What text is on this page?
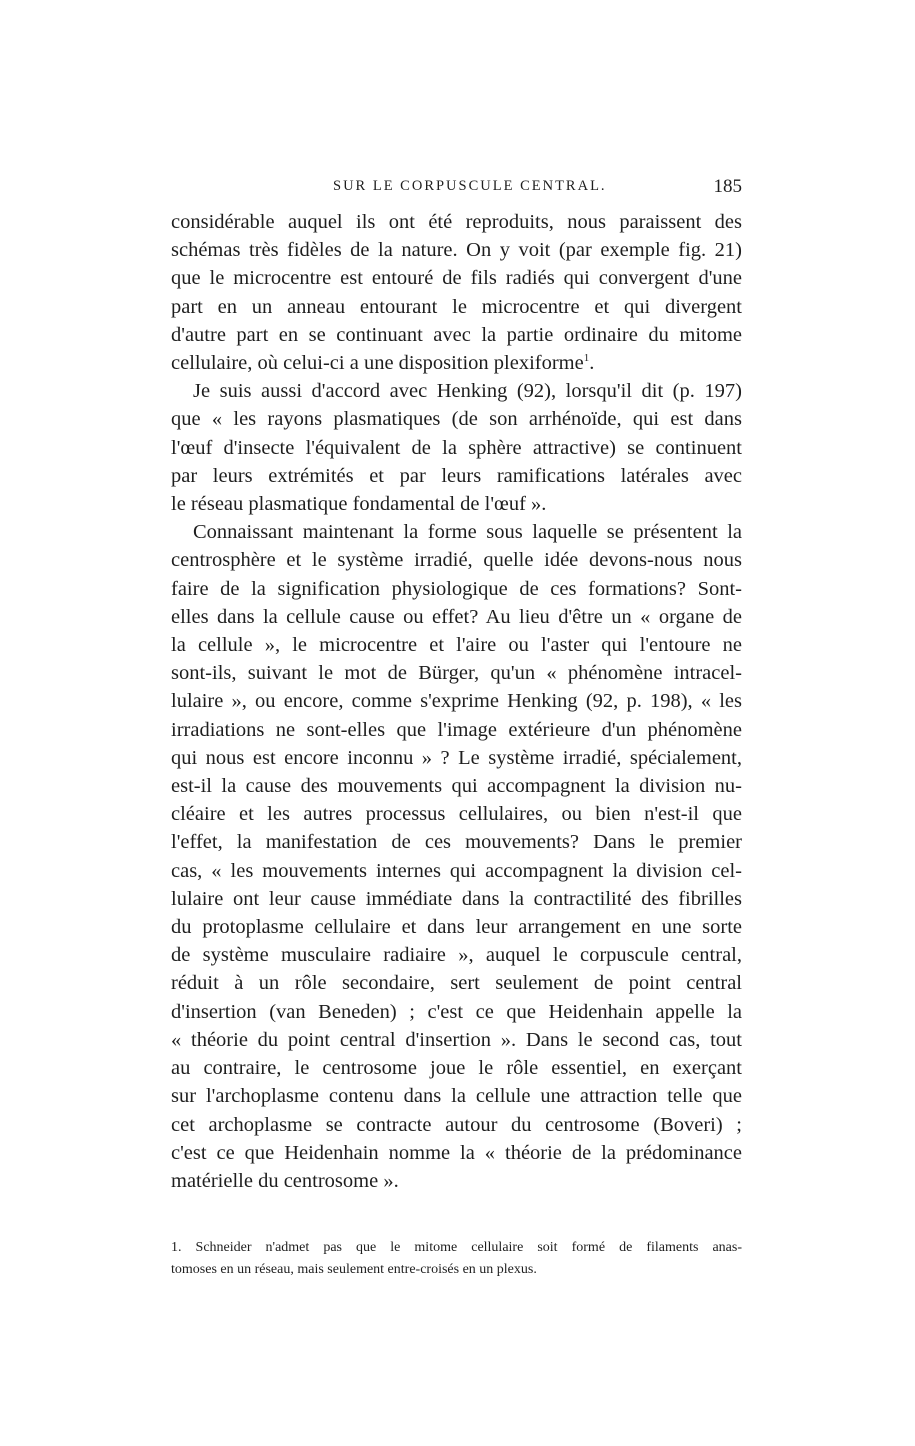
SUR LE CORPUSCULE CENTRAL.	185

considérable auquel ils ont été reproduits, nous paraissent des
schémas très fidèles de la nature. On y voit (par exemple fig. 21)
que le microcentre est entouré de fils radiés qui convergent d'une
part en un anneau entourant le microcentre et qui divergent
d'autre part en se continuant avec la partie ordinaire du mitome
cellulaire, où celui-ci a une disposition plexiforme$^1$.

Je suis aussi d'accord avec Henking (92), lorsqu'il dit (p. 197)
que « les rayons plasmatiques (de son arrhénoïde, qui est dans
l'œuf d'insecte l'équivalent de la sphère attractive) se continuent
par leurs extrémités et par leurs ramifications latérales avec
le réseau plasmatique fondamental de l'œuf ».

Connaissant maintenant la forme sous laquelle se présentent la
centrosphère et le système irradié, quelle idée devons-nous nous
faire de la signification physiologique de ces formations? Sont-
elles dans la cellule cause ou effet? Au lieu d'être un « organe de
la cellule », le microcentre et l'aire ou l'aster qui l'entoure ne
sont-ils, suivant le mot de Bürger, qu'un « phénomène intracel-
lulaire », ou encore, comme s'exprime Henking (92, p. 198), « les
irradiations ne sont-elles que l'image extérieure d'un phénomène
qui nous est encore inconnu » ? Le système irradié, spécialement,
est-il la cause des mouvements qui accompagnent la division nu-
cléaire et les autres processus cellulaires, ou bien n'est-il que
l'effet, la manifestation de ces mouvements? Dans le premier
cas, « les mouvements internes qui accompagnent la division cel-
lulaire ont leur cause immédiate dans la contractilité des fibrilles
du protoplasme cellulaire et dans leur arrangement en une sorte
de système musculaire radiaire », auquel le corpuscule central,
réduit à un rôle secondaire, sert seulement de point central
d'insertion (van Beneden) ; c'est ce que Heidenhain appelle la
« théorie du point central d'insertion ». Dans le second cas, tout
au contraire, le centrosome joue le rôle essentiel, en exerçant
sur l'archoplasme contenu dans la cellule une attraction telle que
cet archoplasme se contracte autour du centrosome (Boveri) ;
c'est ce que Heidenhain nomme la « théorie de la prédominance
matérielle du centrosome ».

1. Schneider n'admet pas que le mitome cellulaire soit formé de filaments anas-
tomoses en un réseau, mais seulement entre-croisés en un plexus.
